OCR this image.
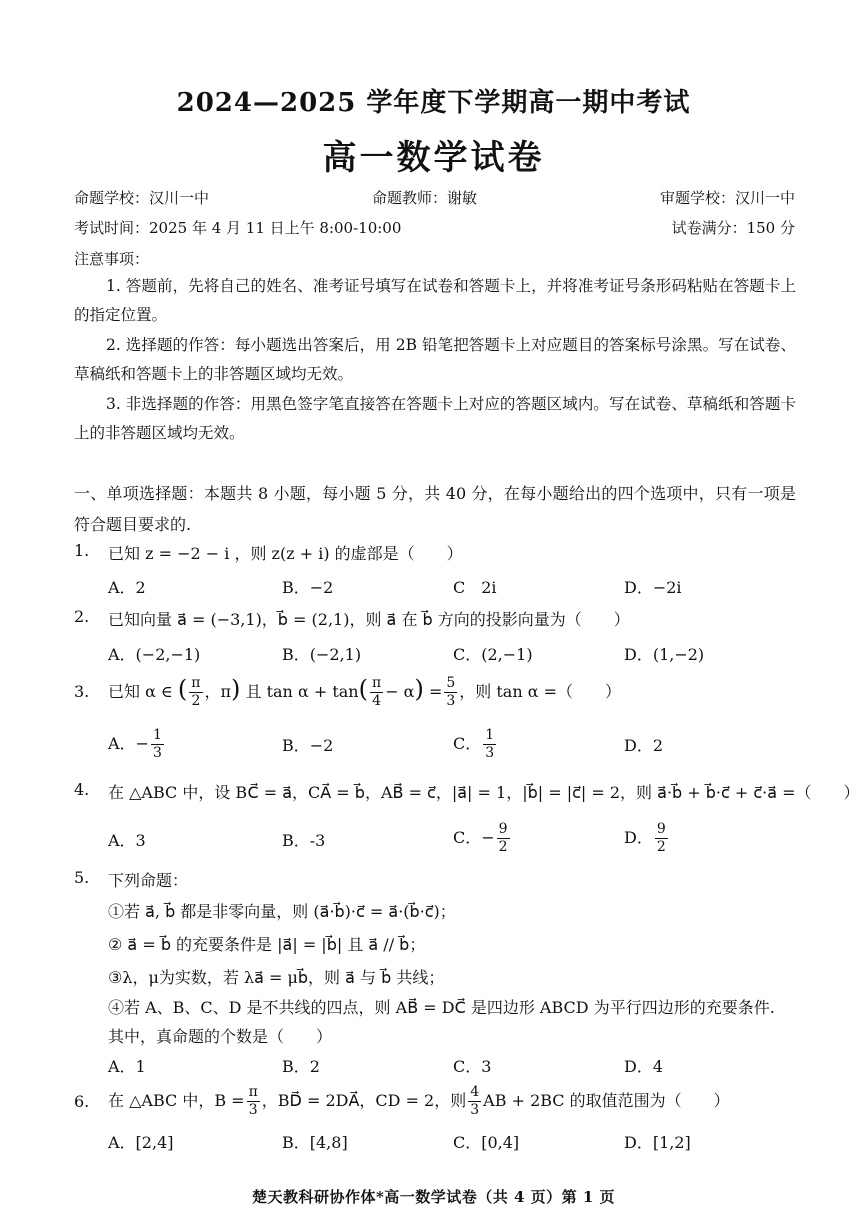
2024—2025 学年度下学期高一期中考试
高一数学试卷
命题学校：汉川一中	命题教师：谢敏	审题学校：汉川一中
考试时间：2025 年 4 月 11 日上午 8:00-10:00	试卷满分：150 分
注意事项：
1. 答题前，先将自己的姓名、准考证号填写在试卷和答题卡上，并将准考证号条形码粘贴在答题卡上的指定位置。
2. 选择题的作答：每小题选出答案后，用 2B 铅笔把答题卡上对应题目的答案标号涂黑。写在试卷、草稿纸和答题卡上的非答题区域均无效。
3. 非选择题的作答：用黑色签字笔直接答在答题卡上对应的答题区域内。写在试卷、草稿纸和答题卡上的非答题区域均无效。
一、单项选择题：本题共 8 小题，每小题 5 分，共 40 分，在每小题给出的四个选项中，只有一项是符合题目要求的.
1. 已知 z = −2 − i ，则 z(z + i) 的虚部是（　　）
A．2	B．−2	C　2i	D．−2i
2. 已知向量 a⃗ = (−3,1)，b⃗ = (2,1)，则 a⃗ 在 b⃗ 方向的投影向量为（　　）
A．(−2,−1)	B．(−2,1)	C．(2,−1)	D．(1,−2)
3. 已知 α ∈ ( $\frac{\pi}{2}$ ，π) 且 $\tan \alpha + \tan( \frac{\pi}{4} - \alpha) = \frac{5}{3}$ ，则 tan α =（　　）
A．− $\frac{1}{3}$	B．−2	C． $\frac{1}{3}$	D．2
4. 在 △ABC 中，设 BC⃗ = a⃗，CA⃗ = b⃗，AB⃗ = c⃗，|a⃗| = 1，|b⃗| = |c⃗| = 2，则 a⃗·b⃗ + b⃗·c⃗ + c⃗·a⃗ =（　　）
A．3	B．-3	C．− $\frac{9}{2}$	D． $\frac{9}{2}$
5. 下列命题：
①若 a⃗, b⃗ 都是非零向量，则 (a⃗·b⃗)·c⃗ = a⃗·(b⃗·c⃗)；
② a⃗ = b⃗ 的充要条件是 |a⃗| = |b⃗| 且 a⃗ // b⃗；
③λ，μ为实数，若 λa⃗ = μb⃗，则 a⃗ 与 b⃗ 共线；
④若 A、B、C、D 是不共线的四点，则 AB⃗ = DC⃗ 是四边形 ABCD 为平行四边形的充要条件.
其中，真命题的个数是（　　）
A．1	B．2	C．3	D．4
6. 在 △ABC 中，$B = \frac{\pi}{3}$ ，BD⃗ = 2DA⃗，CD = 2，则 $\frac{4}{3}$ AB + 2BC 的取值范围为（　　）
A．[2,4]	B．[4,8]	C．[0,4]	D．[1,2]
楚天教科研协作体*高一数学试卷（共 4 页）第 1 页
